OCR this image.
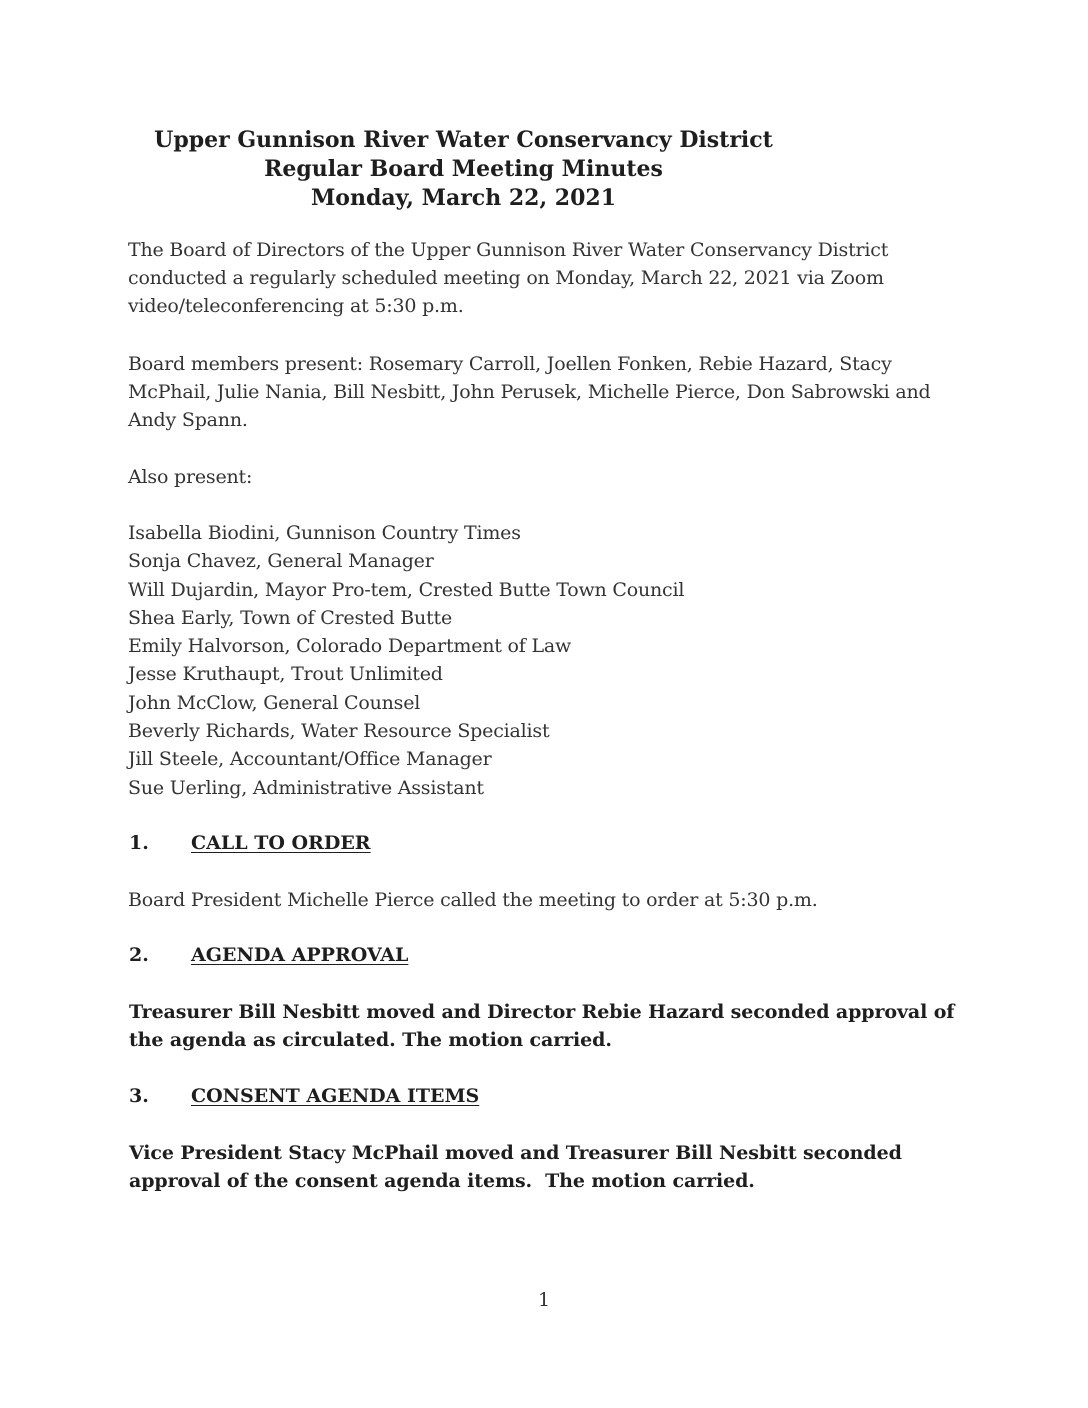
Upper Gunnison River Water Conservancy District
Regular Board Meeting Minutes
Monday, March 22, 2021

The Board of Directors of the Upper Gunnison River Water Conservancy District conducted a regularly scheduled meeting on Monday, March 22, 2021 via Zoom video/teleconferencing at 5:30 p.m.

Board members present: Rosemary Carroll, Joellen Fonken, Rebie Hazard, Stacy McPhail, Julie Nania, Bill Nesbitt, John Perusek, Michelle Pierce, Don Sabrowski and Andy Spann.

Also present:

Isabella Biodini, Gunnison Country Times
Sonja Chavez, General Manager
Will Dujardin, Mayor Pro-tem, Crested Butte Town Council
Shea Early, Town of Crested Butte
Emily Halvorson, Colorado Department of Law
Jesse Kruthaupt, Trout Unlimited
John McClow, General Counsel
Beverly Richards, Water Resource Specialist
Jill Steele, Accountant/Office Manager
Sue Uerling, Administrative Assistant
1. CALL TO ORDER

Board President Michelle Pierce called the meeting to order at 5:30 p.m.

2. AGENDA APPROVAL

Treasurer Bill Nesbitt moved and Director Rebie Hazard seconded approval of the agenda as circulated. The motion carried.

3. CONSENT AGENDA ITEMS

Vice President Stacy McPhail moved and Treasurer Bill Nesbitt seconded approval of the consent agenda items.  The motion carried.

1
